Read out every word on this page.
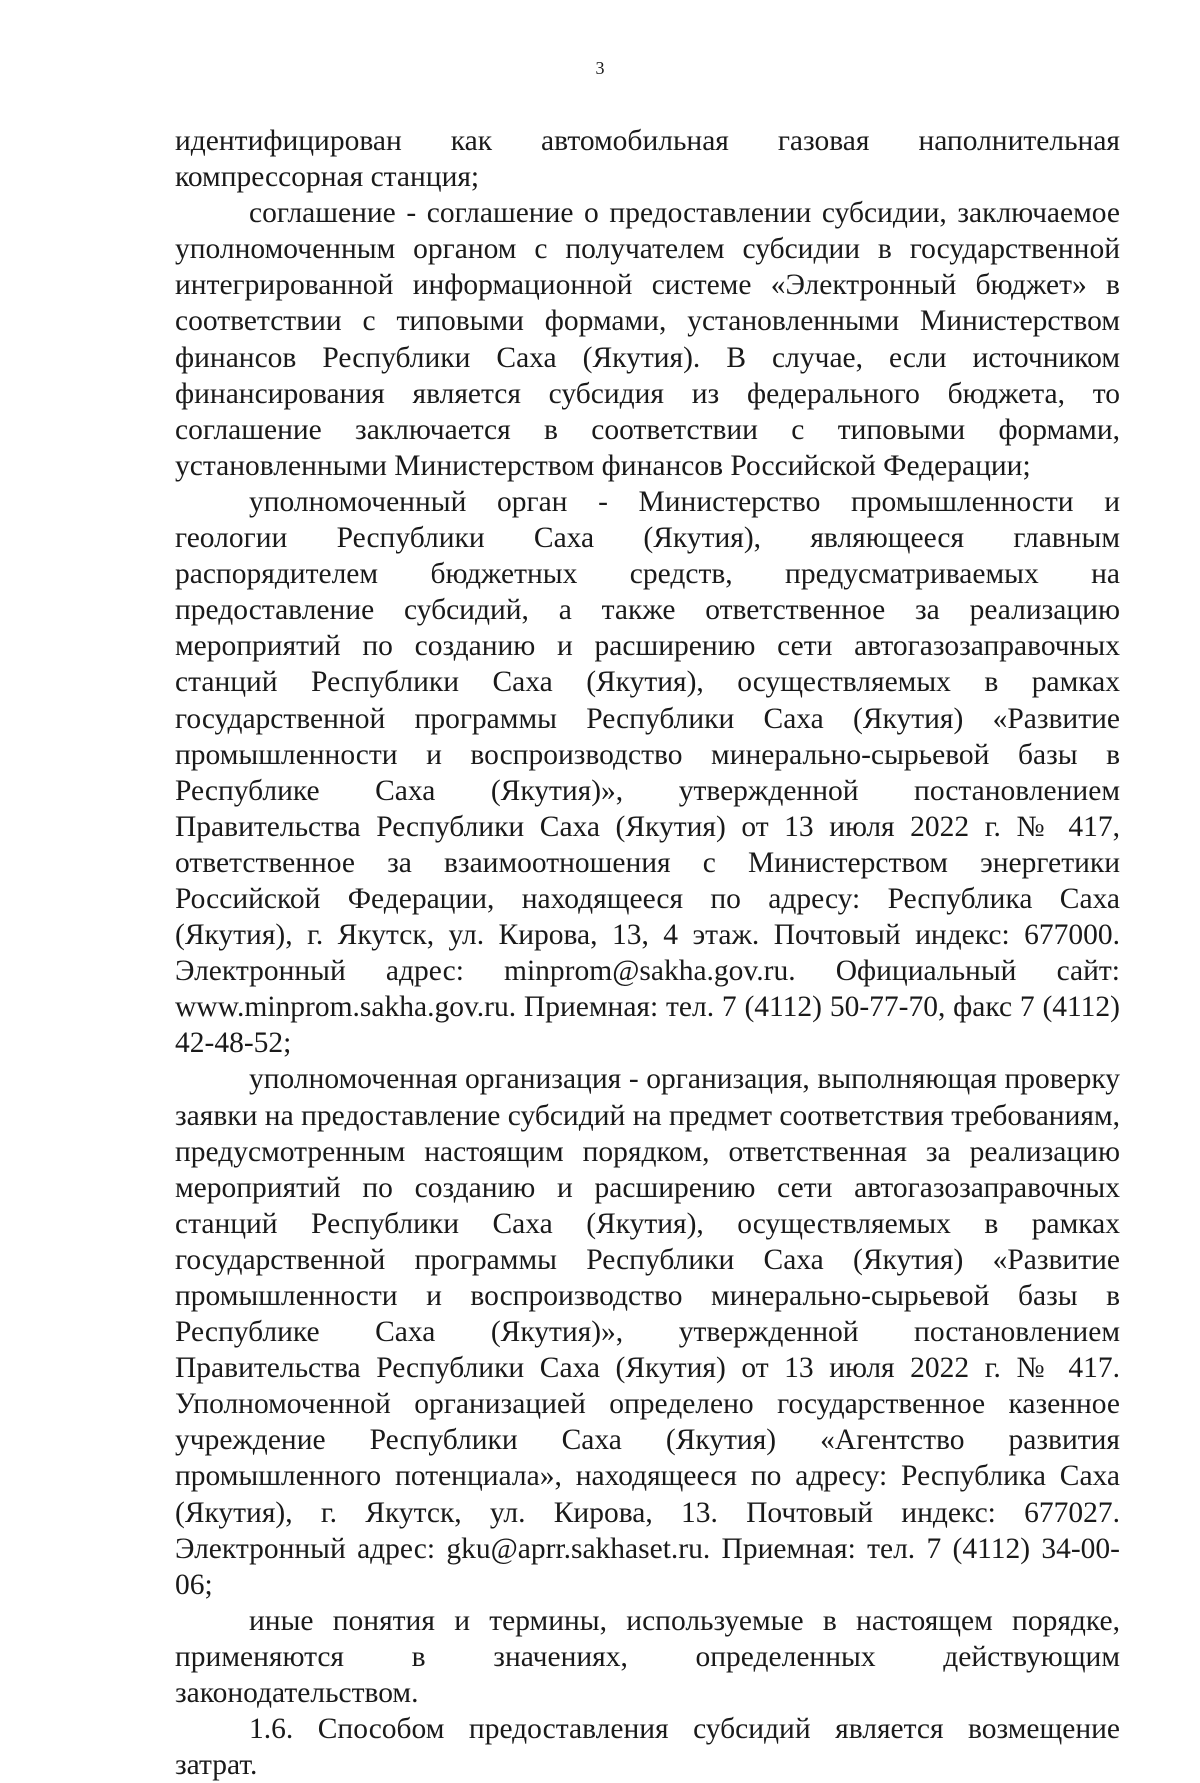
3

идентифицирован как автомобильная газовая наполнительная компрессорная станция;

соглашение - соглашение о предоставлении субсидии, заключаемое уполномоченным органом с получателем субсидии в государственной интегрированной информационной системе «Электронный бюджет» в соответствии с типовыми формами, установленными Министерством финансов Республики Саха (Якутия). В случае, если источником финансирования является субсидия из федерального бюджета, то соглашение заключается в соответствии с типовыми формами, установленными Министерством финансов Российской Федерации;

уполномоченный орган - Министерство промышленности и геологии Республики Саха (Якутия), являющееся главным распорядителем бюджетных средств, предусматриваемых на предоставление субсидий, а также ответственное за реализацию мероприятий по созданию и расширению сети автогазозаправочных станций Республики Саха (Якутия), осуществляемых в рамках государственной программы Республики Саха (Якутия) «Развитие промышленности и воспроизводство минерально-сырьевой базы в Республике Саха (Якутия)», утвержденной постановлением Правительства Республики Саха (Якутия) от 13 июля 2022 г. № 417, ответственное за взаимоотношения с Министерством энергетики Российской Федерации, находящееся по адресу: Республика Саха (Якутия), г. Якутск, ул. Кирова, 13, 4 этаж. Почтовый индекс: 677000. Электронный адрес: minprom@sakha.gov.ru. Официальный сайт: www.minprom.sakha.gov.ru. Приемная: тел. 7 (4112) 50-77-70, факс 7 (4112) 42-48-52;

уполномоченная организация - организация, выполняющая проверку заявки на предоставление субсидий на предмет соответствия требованиям, предусмотренным настоящим порядком, ответственная за реализацию мероприятий по созданию и расширению сети автогазозаправочных станций Республики Саха (Якутия), осуществляемых в рамках государственной программы Республики Саха (Якутия) «Развитие промышленности и воспроизводство минерально-сырьевой базы в Республике Саха (Якутия)», утвержденной постановлением Правительства Республики Саха (Якутия) от 13 июля 2022 г. № 417. Уполномоченной организацией определено государственное казенное учреждение Республики Саха (Якутия) «Агентство развития промышленного потенциала», находящееся по адресу: Республика Саха (Якутия), г. Якутск, ул. Кирова, 13. Почтовый индекс: 677027. Электронный адрес: gku@aprr.sakhaset.ru. Приемная: тел. 7 (4112) 34-00-06;

иные понятия и термины, используемые в настоящем порядке, применяются в значениях, определенных действующим законодательством.

1.6. Способом предоставления субсидий является возмещение затрат.
